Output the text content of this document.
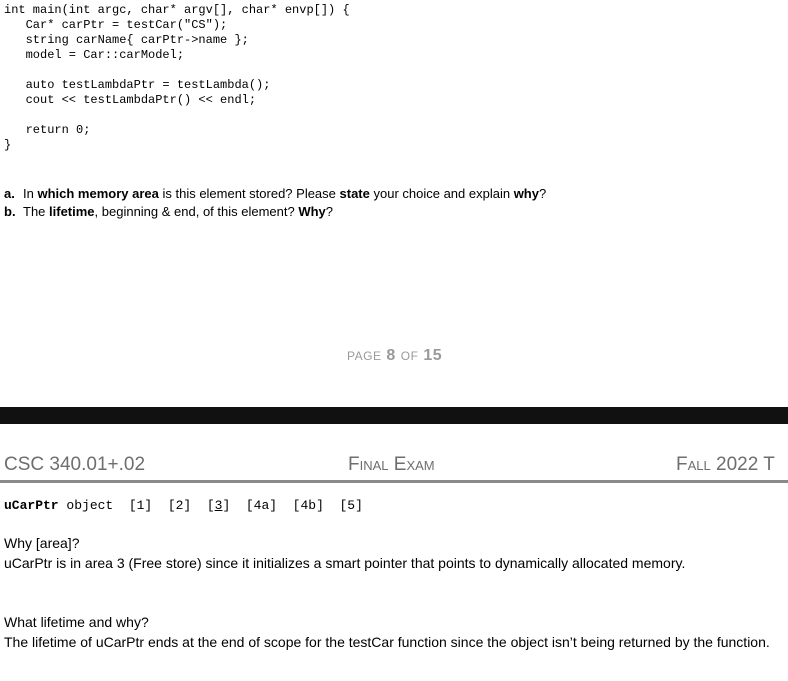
int main(int argc, char* argv[], char* envp[]) {
Car* carPtr = testCar("CS");
string carName{ carPtr->name };
model = Car::carModel;
auto testLambdaPtr = testLambda();
cout << testLambdaPtr() << endl;
return 0;
}
a. In which memory area is this element stored? Please state your choice and explain why?
b. The lifetime, beginning & end, of this element? Why?
PAGE 8 OF 15
CSC 340.01+.02	Final Exam	Fall 2022 T
uCarPtr object  [1]  [2]  [3]  [4a]  [4b]  [5]
Why [area]?
uCarPtr is in area 3 (Free store) since it initializes a smart pointer that points to dynamically allocated memory.
What lifetime and why?
The lifetime of uCarPtr ends at the end of scope for the testCar function since the object isn’t being returned by the function.
